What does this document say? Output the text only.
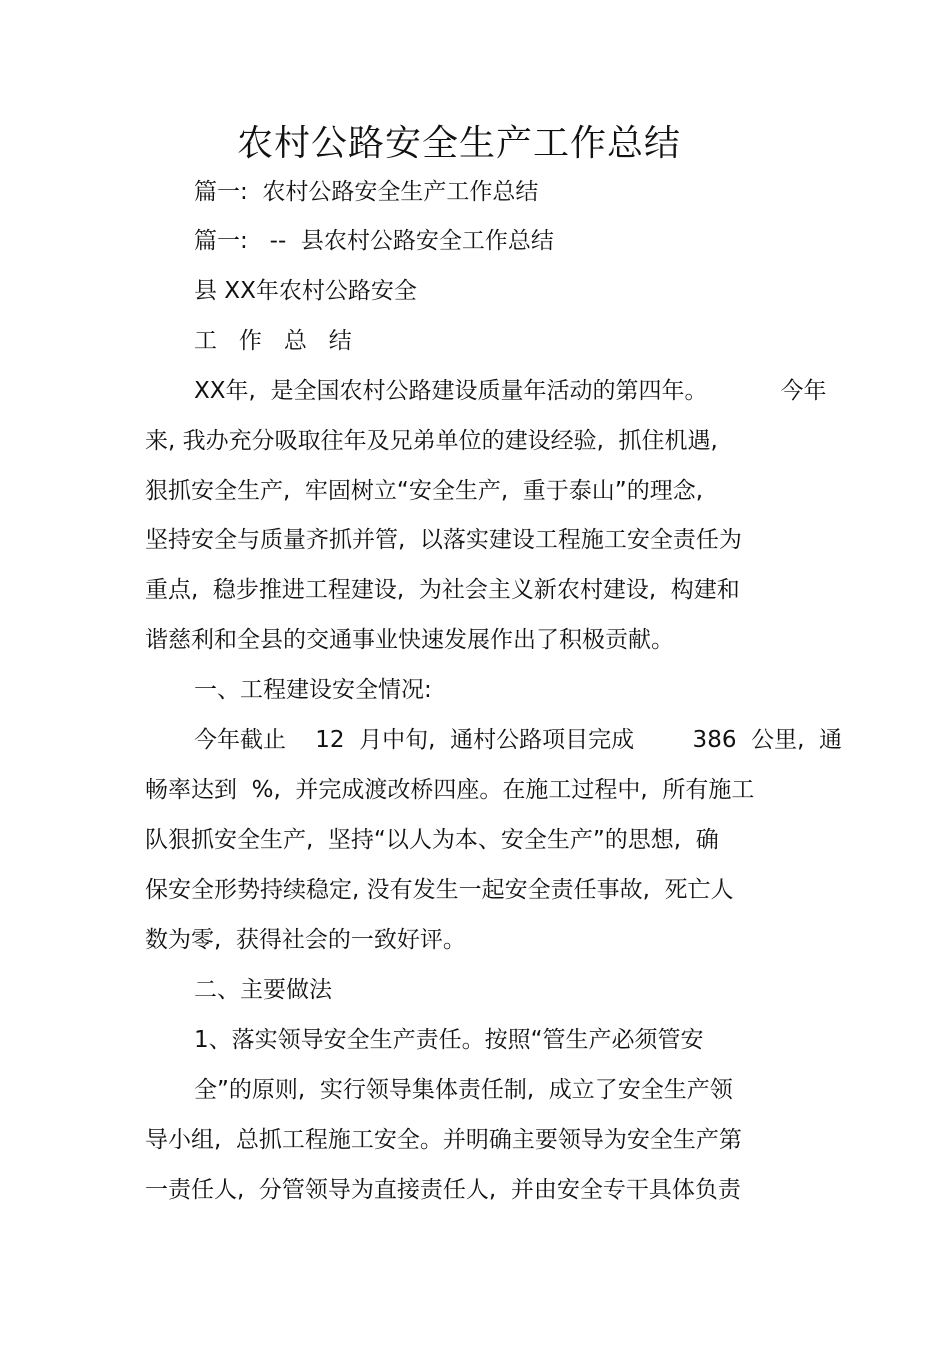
农村公路安全生产工作总结

篇一:  农村公路安全生产工作总结

篇一:   --  县农村公路安全工作总结

县 XX年农村公路安全

工   作   总   结

XX年,  是全国农村公路建设质量年活动的第四年。          今年

来, 我办充分吸取往年及兄弟单位的建设经验,  抓住机遇,

狠抓安全生产,  牢固树立“安全生产,  重于泰山”的理念,

坚持安全与质量齐抓并管,  以落实建设工程施工安全责任为

重点,  稳步推进工程建设,  为社会主义新农村建设,  构建和

谐慈利和全县的交通事业快速发展作出了积极贡献。

一、工程建设安全情况:

今年截止    12  月中旬,  通村公路项目完成        386  公里,  通

畅率达到  %,  并完成渡改桥四座。在施工过程中,  所有施工

队狠抓安全生产,  坚持“以人为本、安全生产”的思想,  确

保安全形势持续稳定, 没有发生一起安全责任事故,  死亡人

数为零,  获得社会的一致好评。

二、主要做法

1、落实领导安全生产责任。按照“管生产必须管安

全”的原则,  实行领导集体责任制,  成立了安全生产领

导小组,  总抓工程施工安全。并明确主要领导为安全生产第

一责任人,  分管领导为直接责任人,  并由安全专干具体负责
